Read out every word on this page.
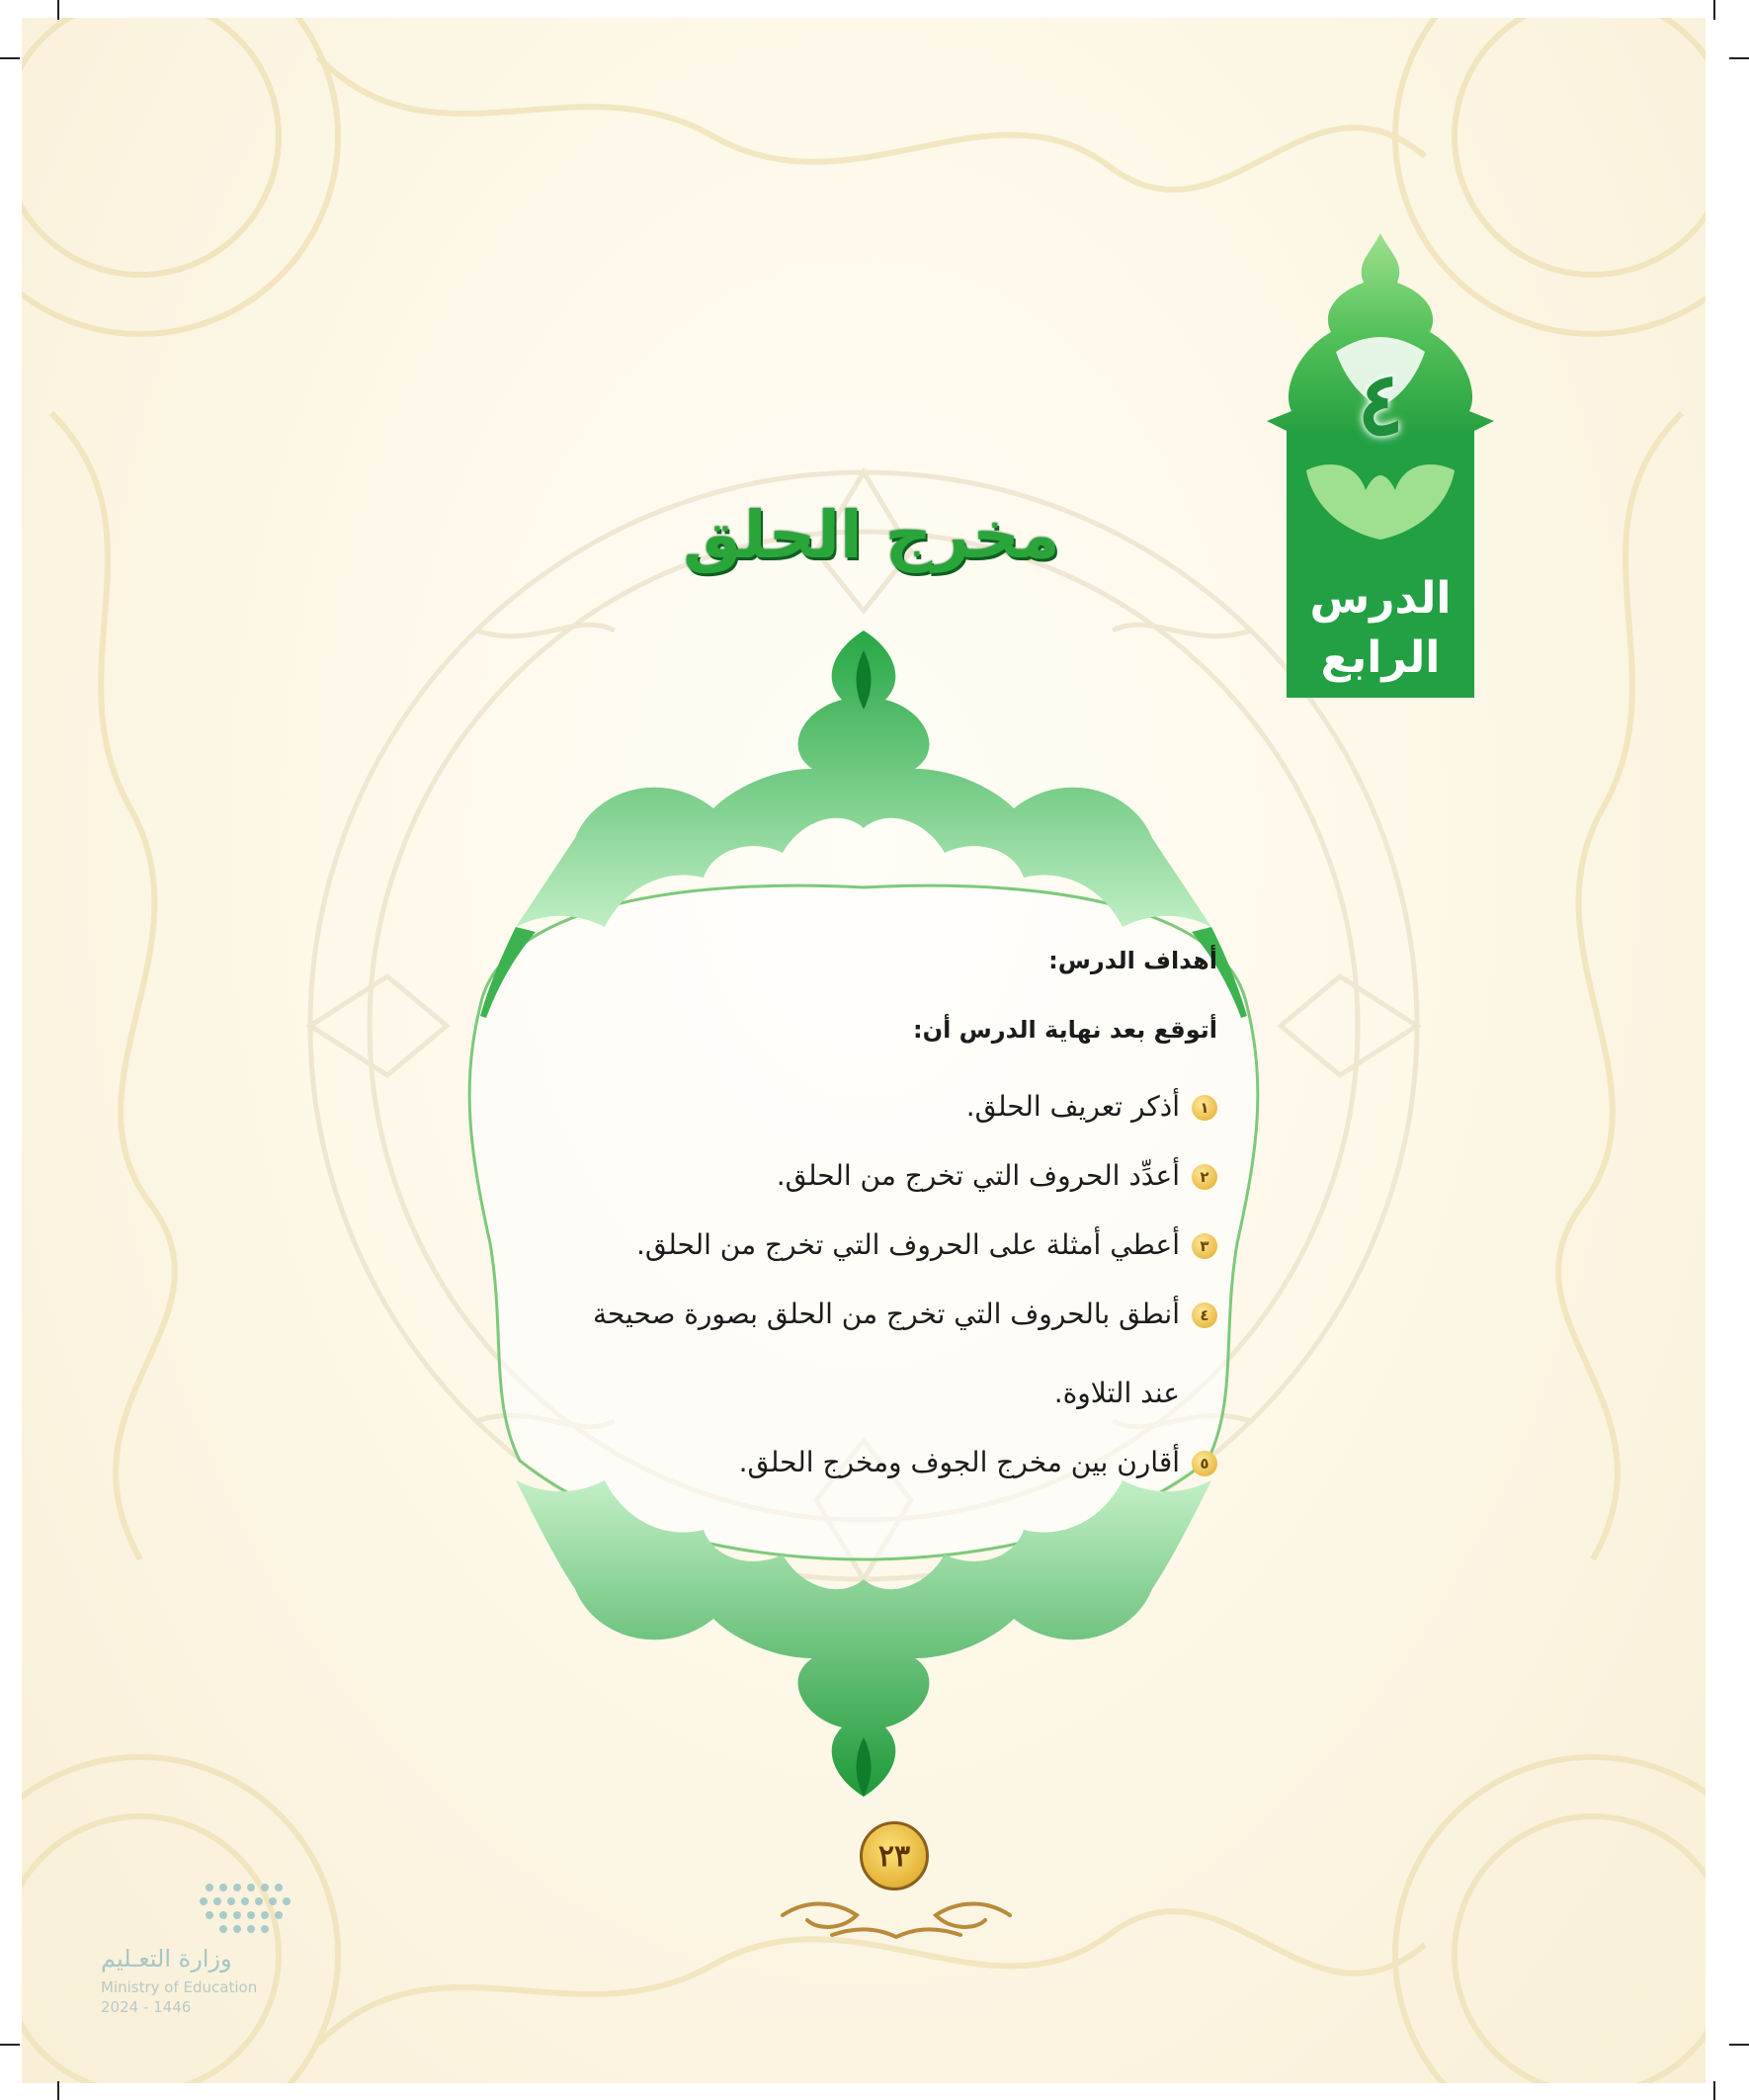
٤
الدرس
الرابع
مخرج الحلق

أهداف الدرس:

أتوقع بعد نهاية الدرس أن:

١أذكر تعريف الحلق.
٢أعدِّد الحروف التي تخرج من الحلق.
٣أعطي أمثلة على الحروف التي تخرج من الحلق.
٤أنطق بالحروف التي تخرج من الحلق بصورة صحيحة
عند التلاوة.
٥أقارن بين مخرج الجوف ومخرج الحلق.
٢٣
وزارة التعـليم
Ministry of Education
2024 - 1446
